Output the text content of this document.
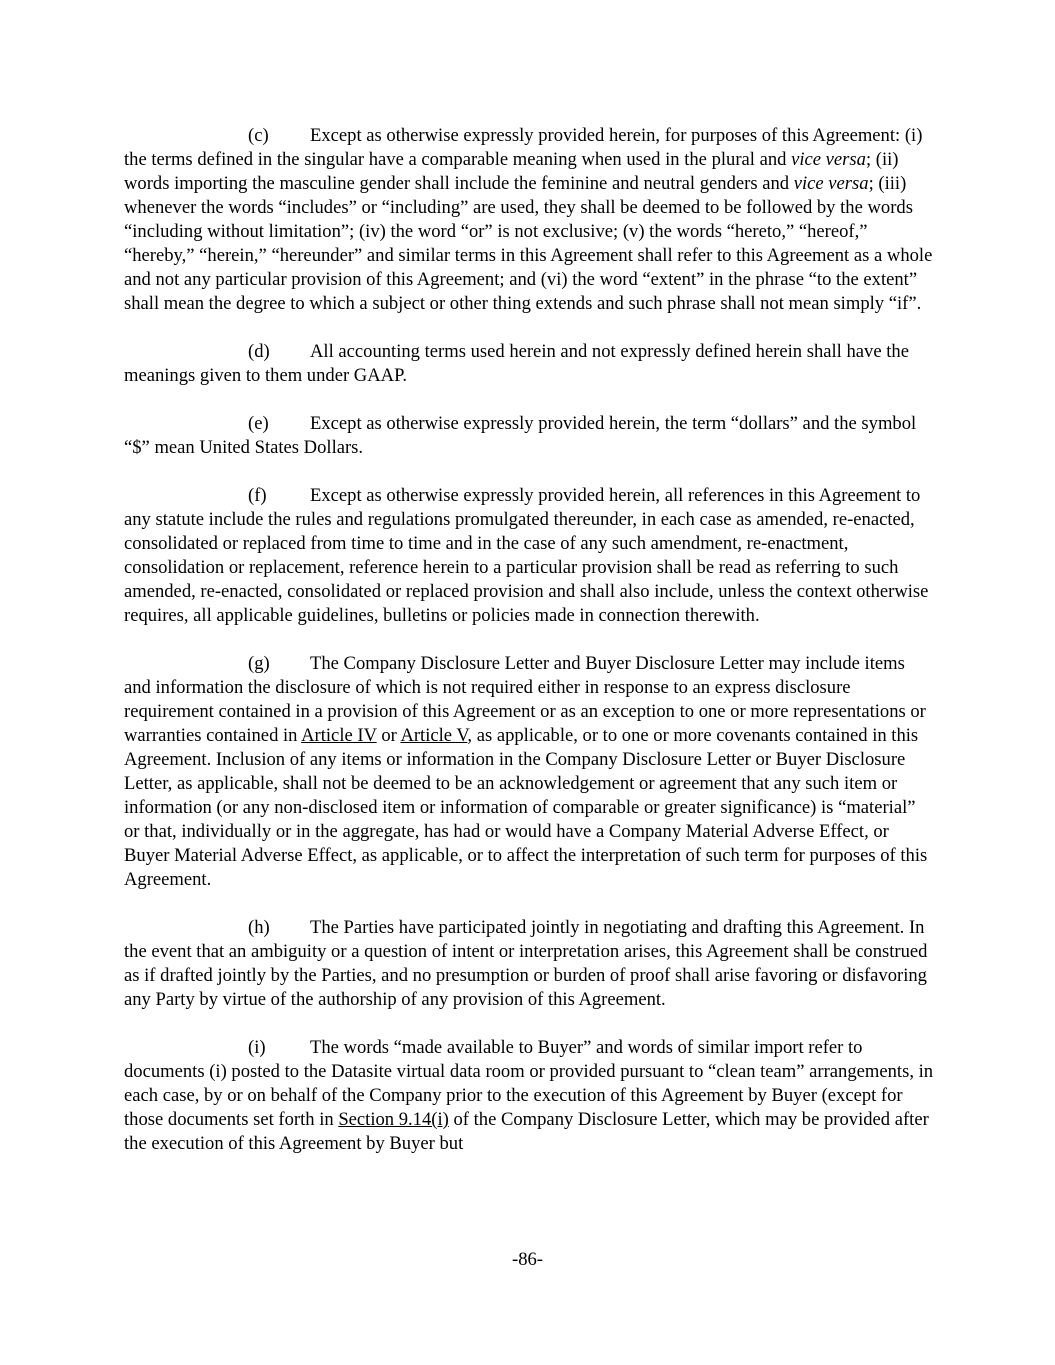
(c) Except as otherwise expressly provided herein, for purposes of this Agreement: (i) the terms defined in the singular have a comparable meaning when used in the plural and vice versa; (ii) words importing the masculine gender shall include the feminine and neutral genders and vice versa; (iii) whenever the words “includes” or “including” are used, they shall be deemed to be followed by the words “including without limitation”; (iv) the word “or” is not exclusive; (v) the words “hereto,” “hereof,” “hereby,” “herein,” “hereunder” and similar terms in this Agreement shall refer to this Agreement as a whole and not any particular provision of this Agreement; and (vi) the word “extent” in the phrase “to the extent” shall mean the degree to which a subject or other thing extends and such phrase shall not mean simply “if”.

(d) All accounting terms used herein and not expressly defined herein shall have the meanings given to them under GAAP.

(e) Except as otherwise expressly provided herein, the term “dollars” and the symbol “$” mean United States Dollars.

(f) Except as otherwise expressly provided herein, all references in this Agreement to any statute include the rules and regulations promulgated thereunder, in each case as amended, re-enacted, consolidated or replaced from time to time and in the case of any such amendment, re-enactment, consolidation or replacement, reference herein to a particular provision shall be read as referring to such amended, re-enacted, consolidated or replaced provision and shall also include, unless the context otherwise requires, all applicable guidelines, bulletins or policies made in connection therewith.

(g) The Company Disclosure Letter and Buyer Disclosure Letter may include items and information the disclosure of which is not required either in response to an express disclosure requirement contained in a provision of this Agreement or as an exception to one or more representations or warranties contained in Article IV or Article V, as applicable, or to one or more covenants contained in this Agreement. Inclusion of any items or information in the Company Disclosure Letter or Buyer Disclosure Letter, as applicable, shall not be deemed to be an acknowledgement or agreement that any such item or information (or any non-disclosed item or information of comparable or greater significance) is “material” or that, individually or in the aggregate, has had or would have a Company Material Adverse Effect, or Buyer Material Adverse Effect, as applicable, or to affect the interpretation of such term for purposes of this Agreement.

(h) The Parties have participated jointly in negotiating and drafting this Agreement. In the event that an ambiguity or a question of intent or interpretation arises, this Agreement shall be construed as if drafted jointly by the Parties, and no presumption or burden of proof shall arise favoring or disfavoring any Party by virtue of the authorship of any provision of this Agreement.

(i) The words “made available to Buyer” and words of similar import refer to documents (i) posted to the Datasite virtual data room or provided pursuant to “clean team” arrangements, in each case, by or on behalf of the Company prior to the execution of this Agreement by Buyer (except for those documents set forth in Section 9.14(i) of the Company Disclosure Letter, which may be provided after the execution of this Agreement by Buyer but

-86-
